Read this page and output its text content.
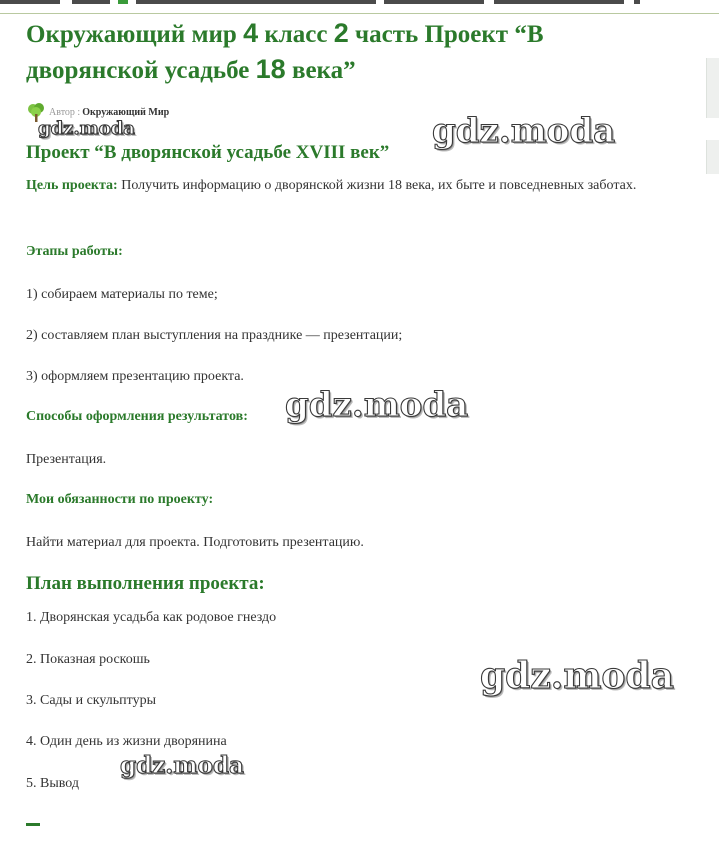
Окружающий мир 4 класс 2 часть Проект “В дворянской усадьбе 18 века”
Автор : Окружающий Мир
Проект “В дворянской усадьбе XVIII век”
Цель проекта: Получить информацию о дворянской жизни 18 века, их быте и повседневных заботах.
Этапы работы:
1) собираем материалы по теме;
2) составляем план выступления на празднике — презентации;
3) оформляем презентацию проекта.
Способы оформления результатов:
Презентация.
Мои обязанности по проекту:
Найти материал для проекта. Подготовить презентацию.
План выполнения проекта:
1. Дворянская усадьба как родовое гнездо
2. Показная роскошь
3. Сады и скульптуры
4. Один день из жизни дворянина
5. Вывод
gdz.moda	gdz.moda
gdz.moda
gdz.moda
gdz.moda
